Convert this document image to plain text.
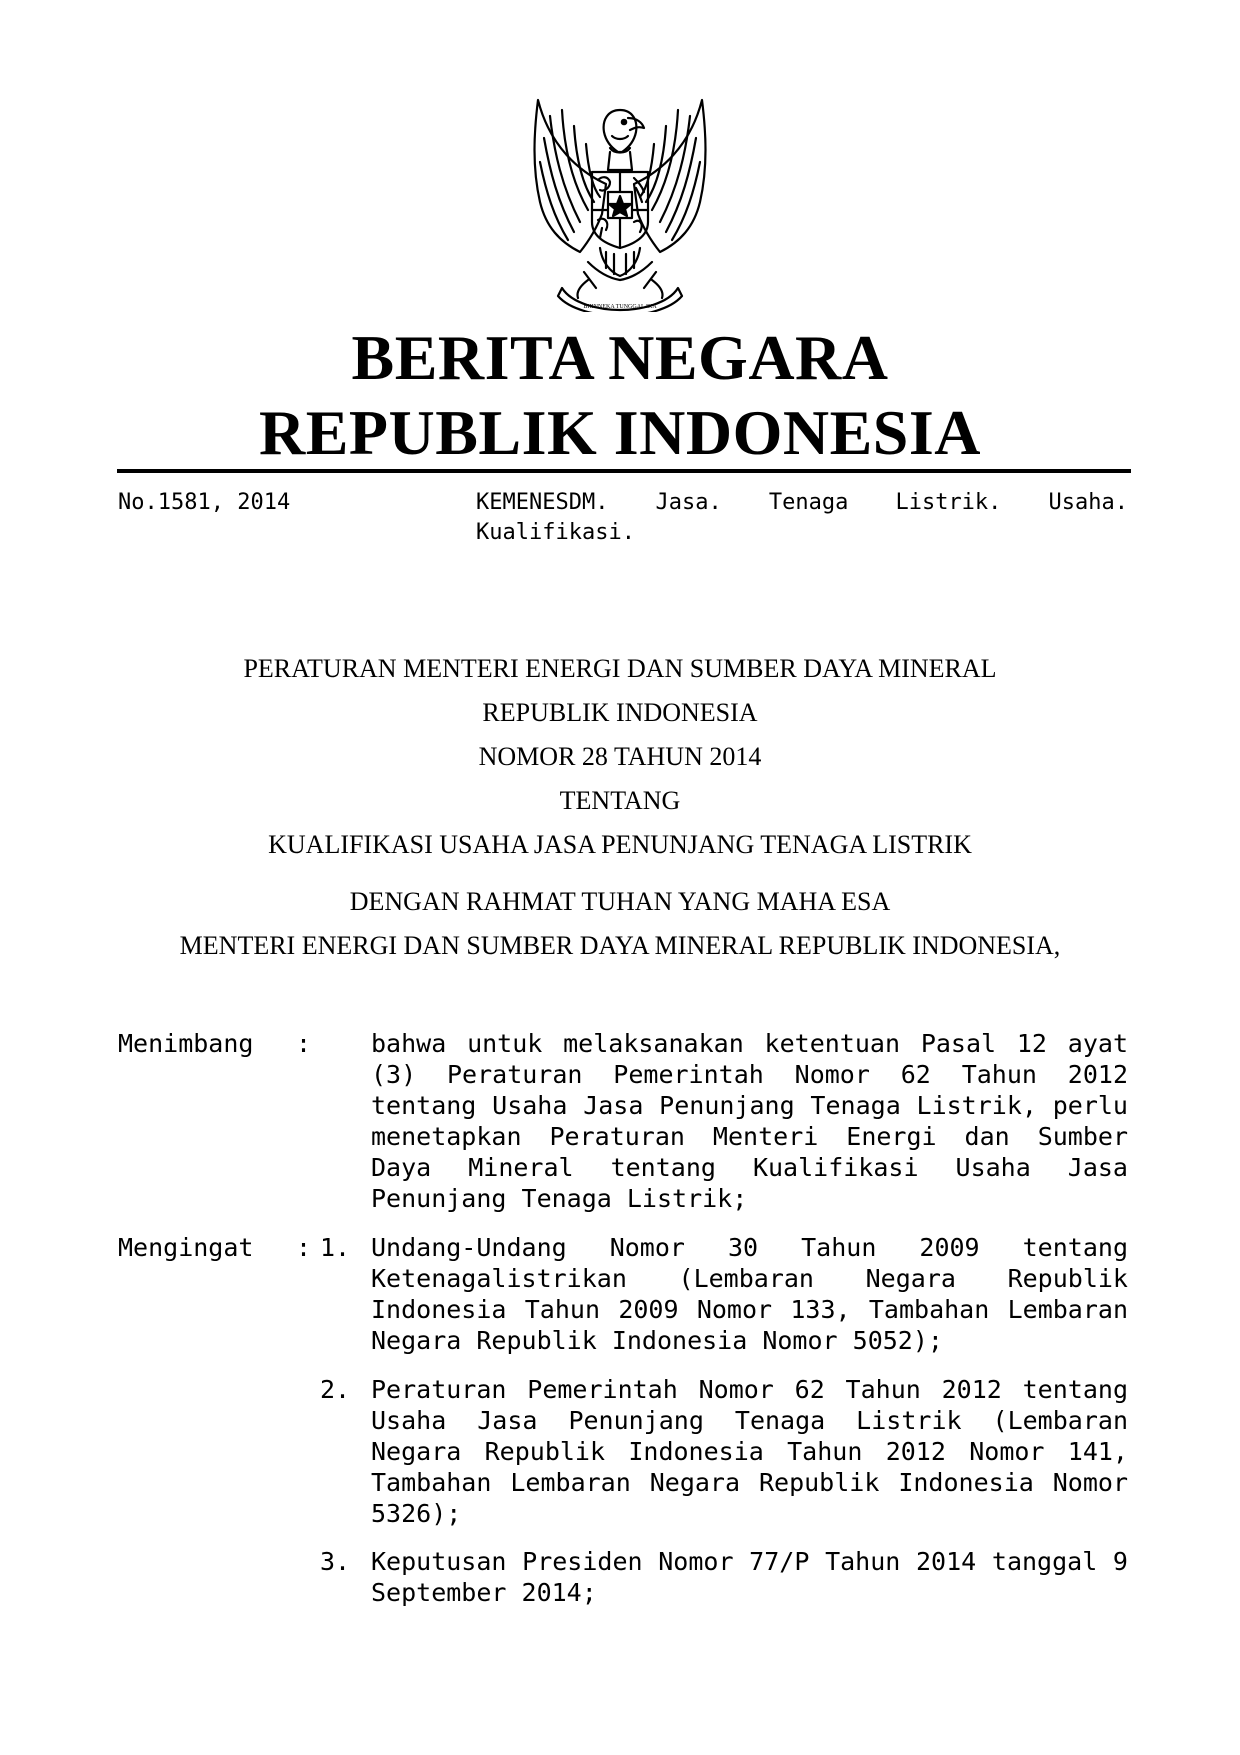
BHINNEKA TUNGGAL IKA
BERITA NEGARA
REPUBLIK INDONESIA
No.1581, 2014	KEMENESDM. Jasa. Tenaga Listrik. Usaha. Kualifikasi.
PERATURAN MENTERI ENERGI DAN SUMBER DAYA MINERAL
REPUBLIK INDONESIA
NOMOR 28 TAHUN 2014
TENTANG
KUALIFIKASI USAHA JASA PENUNJANG TENAGA LISTRIK
DENGAN RAHMAT TUHAN YANG MAHA ESA
MENTERI ENERGI DAN SUMBER DAYA MINERAL REPUBLIK INDONESIA,
Menimbang : bahwa untuk melaksanakan ketentuan Pasal 12 ayat (3) Peraturan Pemerintah Nomor 62 Tahun 2012 tentang Usaha Jasa Penunjang Tenaga Listrik, perlu menetapkan Peraturan Menteri Energi dan Sumber Daya Mineral tentang Kualifikasi Usaha Jasa Penunjang Tenaga Listrik;
Mengingat : 1. Undang-Undang Nomor 30 Tahun 2009 tentang Ketenagalistrikan (Lembaran Negara Republik Indonesia Tahun 2009 Nomor 133, Tambahan Lembaran Negara Republik Indonesia Nomor 5052);
2. Peraturan Pemerintah Nomor 62 Tahun 2012 tentang Usaha Jasa Penunjang Tenaga Listrik (Lembaran Negara Republik Indonesia Tahun 2012 Nomor 141, Tambahan Lembaran Negara Republik Indonesia Nomor 5326);
3. Keputusan Presiden Nomor 77/P Tahun 2014 tanggal 9 September 2014;
